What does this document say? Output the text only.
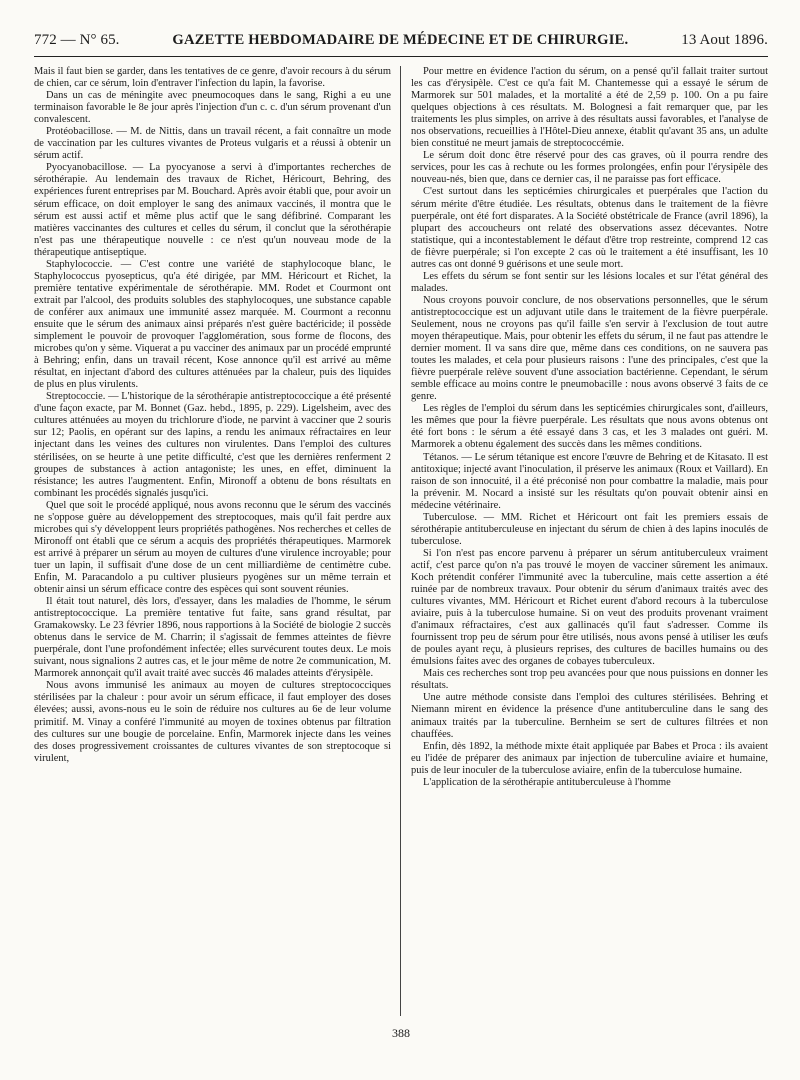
772 — N° 65.	GAZETTE HEBDOMADAIRE DE MÉDECINE ET DE CHIRURGIE.	13 Aout 1896.

Mais il faut bien se garder, dans les tentatives de ce genre, d'avoir recours à du sérum de chien, car ce sérum, loin d'entraver l'infection du lapin, la favorise.

Dans un cas de méningite avec pneumocoques dans le sang, Righi a eu une terminaison favorable le 8e jour après l'injection d'un c. c. d'un sérum provenant d'un convalescent.

Protéobacillose. — M. de Nittis, dans un travail récent, a fait connaître un mode de vaccination par les cultures vivantes de Proteus vulgaris et a réussi à obtenir un sérum actif.

Pyocyanobacillose. — La pyocyanose a servi à d'importantes recherches de sérothérapie. Au lendemain des travaux de Richet, Héricourt, Behring, des expériences furent entreprises par M. Bouchard. Après avoir établi que, pour avoir un sérum efficace, on doit employer le sang des animaux vaccinés, il montra que le sérum est aussi actif et même plus actif que le sang défibriné. Comparant les matières vaccinantes des cultures et celles du sérum, il conclut que la sérothérapie n'est pas une thérapeutique nouvelle : ce n'est qu'un nouveau mode de la thérapeutique antiseptique.

Staphylococcie. — C'est contre une variété de staphylocoque blanc, le Staphylococcus pyosepticus, qu'a été dirigée, par MM. Héricourt et Richet, la première tentative expérimentale de sérothérapie. MM. Rodet et Courmont ont extrait par l'alcool, des produits solubles des staphylocoques, une substance capable de conférer aux animaux une immunité assez marquée. M. Courmont a reconnu ensuite que le sérum des animaux ainsi préparés n'est guère bactéricide; il possède simplement le pouvoir de provoquer l'agglomération, sous forme de flocons, des microbes qu'on y sème. Viquerat a pu vacciner des animaux par un procédé emprunté à Behring; enfin, dans un travail récent, Kose annonce qu'il est arrivé au même résultat, en injectant d'abord des cultures atténuées par la chaleur, puis des liquides de plus en plus virulents.

Streptococcie. — L'historique de la sérothérapie antistreptococcique a été présenté d'une façon exacte, par M. Bonnet (Gaz. hebd., 1895, p. 229). Ligelsheim, avec des cultures atténuées au moyen du trichlorure d'iode, ne parvint à vacciner que 2 souris sur 12; Paolis, en opérant sur des lapins, a rendu les animaux réfractaires en leur injectant dans les veines des cultures non virulentes. Dans l'emploi des cultures stérilisées, on se heurte à une petite difficulté, c'est que les dernières renferment 2 groupes de substances à action antagoniste; les unes, en effet, diminuent la résistance; les autres l'augmentent. Enfin, Mironoff a obtenu de bons résultats en combinant les procédés signalés jusqu'ici.

Quel que soit le procédé appliqué, nous avons reconnu que le sérum des vaccinés ne s'oppose guère au développement des streptocoques, mais qu'il fait perdre aux microbes qui s'y développent leurs propriétés pathogènes. Nos recherches et celles de Mironoff ont établi que ce sérum a acquis des propriétés thérapeutiques. Marmorek est arrivé à préparer un sérum au moyen de cultures d'une virulence incroyable; pour tuer un lapin, il suffisait d'une dose de un cent milliardième de centimètre cube. Enfin, M. Paracandolo a pu cultiver plusieurs pyogènes sur un même terrain et obtenir ainsi un sérum efficace contre des espèces qui sont souvent réunies.

Il était tout naturel, dès lors, d'essayer, dans les maladies de l'homme, le sérum antistreptococcique. La première tentative fut faite, sans grand résultat, par Gramakowsky. Le 23 février 1896, nous rapportions à la Société de biologie 2 succès obtenus dans le service de M. Charrin; il s'agissait de femmes atteintes de fièvre puerpérale, dont l'une profondément infectée; elles survécurent toutes deux. Le mois suivant, nous signalions 2 autres cas, et le jour même de notre 2e communication, M. Marmorek annonçait qu'il avait traité avec succès 46 malades atteints d'érysipèle.

Nous avons immunisé les animaux au moyen de cultures streptococciques stérilisées par la chaleur : pour avoir un sérum efficace, il faut employer des doses élevées; aussi, avons-nous eu le soin de réduire nos cultures au 6e de leur volume primitif. M. Vinay a conféré l'immunité au moyen de toxines obtenus par filtration des cultures sur une bougie de porcelaine. Enfin, Marmorek injecte dans les veines des doses progressivement croissantes de cultures vivantes de son streptocoque si virulent,

Pour mettre en évidence l'action du sérum, on a pensé qu'il fallait traiter surtout les cas d'érysipèle. C'est ce qu'a fait M. Chantemesse qui a essayé le sérum de Marmorek sur 501 malades, et la mortalité a été de 2,59 p. 100. On a pu faire quelques objections à ces résultats. M. Bolognesi a fait remarquer que, par les traitements les plus simples, on arrive à des résultats aussi favorables, et l'analyse de nos observations, recueillies à l'Hôtel-Dieu annexe, établit qu'avant 35 ans, un adulte bien constitué ne meurt jamais de streptococcémie.

Le sérum doit donc être réservé pour des cas graves, où il pourra rendre des services, pour les cas à rechute ou les formes prolongées, enfin pour l'érysipèle des nouveau-nés, bien que, dans ce dernier cas, il ne paraisse pas fort efficace.

C'est surtout dans les septicémies chirurgicales et puerpérales que l'action du sérum mérite d'être étudiée. Les résultats, obtenus dans le traitement de la fièvre puerpérale, ont été fort disparates. A la Société obstétricale de France (avril 1896), la plupart des accoucheurs ont relaté des observations assez décevantes. Notre statistique, qui a incontestablement le défaut d'être trop restreinte, comprend 12 cas de fièvre puerpérale; si l'on excepte 2 cas où le traitement a été insuffisant, les 10 autres cas ont donné 9 guérisons et une seule mort.

Les effets du sérum se font sentir sur les lésions locales et sur l'état général des malades.

Nous croyons pouvoir conclure, de nos observations personnelles, que le sérum antistreptococcique est un adjuvant utile dans le traitement de la fièvre puerpérale. Seulement, nous ne croyons pas qu'il faille s'en servir à l'exclusion de tout autre moyen thérapeutique. Mais, pour obtenir les effets du sérum, il ne faut pas attendre le dernier moment. Il va sans dire que, même dans ces conditions, on ne sauvera pas toutes les malades, et cela pour plusieurs raisons : l'une des principales, c'est que la fièvre puerpérale relève souvent d'une association bactérienne. Cependant, le sérum semble efficace au moins contre le pneumobacille : nous avons observé 3 faits de ce genre.

Les règles de l'emploi du sérum dans les septicémies chirurgicales sont, d'ailleurs, les mêmes que pour la fièvre puerpérale. Les résultats que nous avons obtenus ont été fort bons : le sérum a été essayé dans 3 cas, et les 3 malades ont guéri. M. Marmorek a obtenu également des succès dans les mêmes conditions.

Tétanos. — Le sérum tétanique est encore l'œuvre de Behring et de Kitasato. Il est antitoxique; injecté avant l'inoculation, il préserve les animaux (Roux et Vaillard). En raison de son innocuité, il a été préconisé non pour combattre la maladie, mais pour la prévenir. M. Nocard a insisté sur les résultats qu'on pouvait obtenir ainsi en médecine vétérinaire.

Tuberculose. — MM. Richet et Héricourt ont fait les premiers essais de sérothérapie antituberculeuse en injectant du sérum de chien à des lapins inoculés de tuberculose.

Si l'on n'est pas encore parvenu à préparer un sérum antituberculeux vraiment actif, c'est parce qu'on n'a pas trouvé le moyen de vacciner sûrement les animaux. Koch prétendit conférer l'immunité avec la tuberculine, mais cette assertion a été ruinée par de nombreux travaux. Pour obtenir du sérum d'animaux traités avec des cultures vivantes, MM. Héricourt et Richet eurent d'abord recours à la tuberculose aviaire, puis à la tuberculose humaine. Si on veut des produits provenant vraiment d'animaux réfractaires, c'est aux gallinacés qu'il faut s'adresser. Comme ils fournissent trop peu de sérum pour être utilisés, nous avons pensé à utiliser les œufs de poules ayant reçu, à plusieurs reprises, des cultures de bacilles humains ou des émulsions faites avec des organes de cobayes tuberculeux.

Mais ces recherches sont trop peu avancées pour que nous puissions en donner les résultats.

Une autre méthode consiste dans l'emploi des cultures stérilisées. Behring et Niemann mirent en évidence la présence d'une antituberculine dans le sang des animaux traités par la tuberculine. Bernheim se sert de cultures filtrées et non chauffées.

Enfin, dès 1892, la méthode mixte était appliquée par Babes et Proca : ils avaient eu l'idée de préparer des animaux par injection de tuberculine aviaire et humaine, puis de leur inoculer de la tuberculose aviaire, enfin de la tuberculose humaine.

L'application de la sérothérapie antituberculeuse à l'homme

388
